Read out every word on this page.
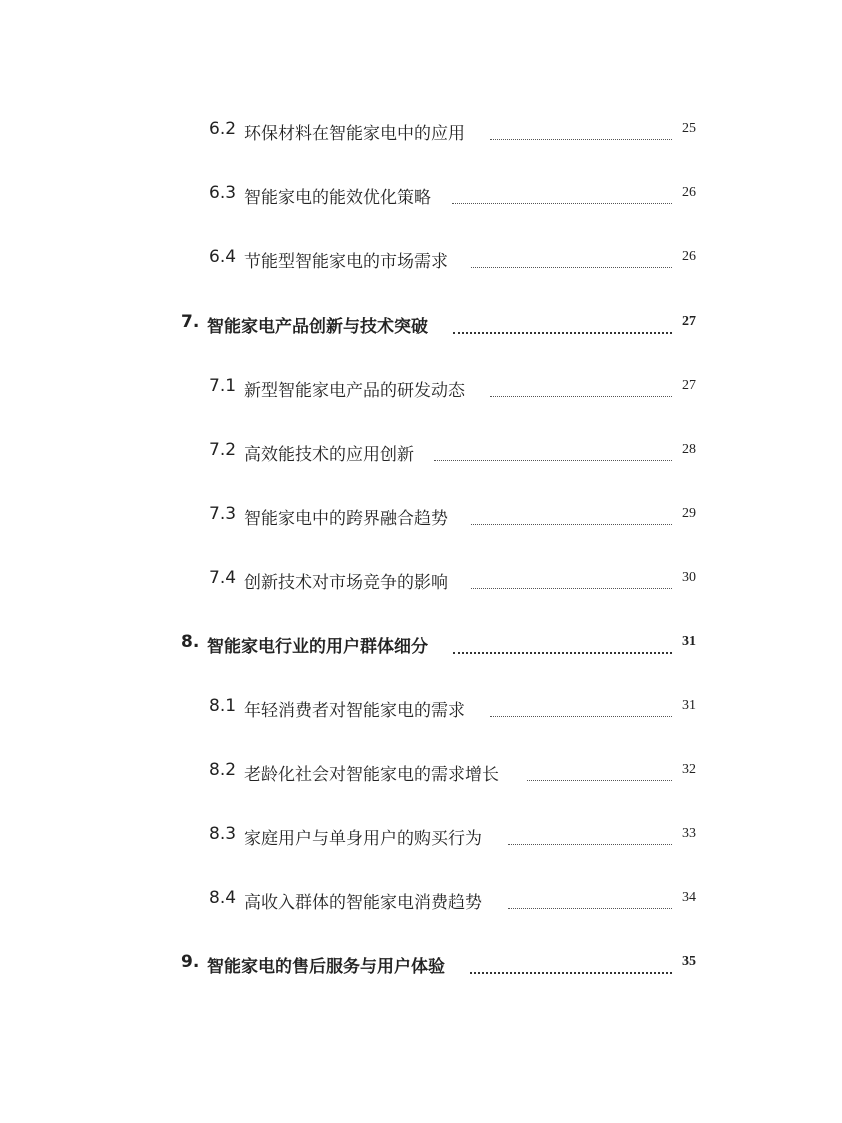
6.2 环保材料在智能家电中的应用	25
6.3 智能家电的能效优化策略	26
6.4 节能型智能家电的市场需求	26
7. 智能家电产品创新与技术突破	27
7.1 新型智能家电产品的研发动态	27
7.2 高效能技术的应用创新	28
7.3 智能家电中的跨界融合趋势	29
7.4 创新技术对市场竞争的影响	30
8. 智能家电行业的用户群体细分	31
8.1 年轻消费者对智能家电的需求	31
8.2 老龄化社会对智能家电的需求增长	32
8.3 家庭用户与单身用户的购买行为	33
8.4 高收入群体的智能家电消费趋势	34
9. 智能家电的售后服务与用户体验	35
